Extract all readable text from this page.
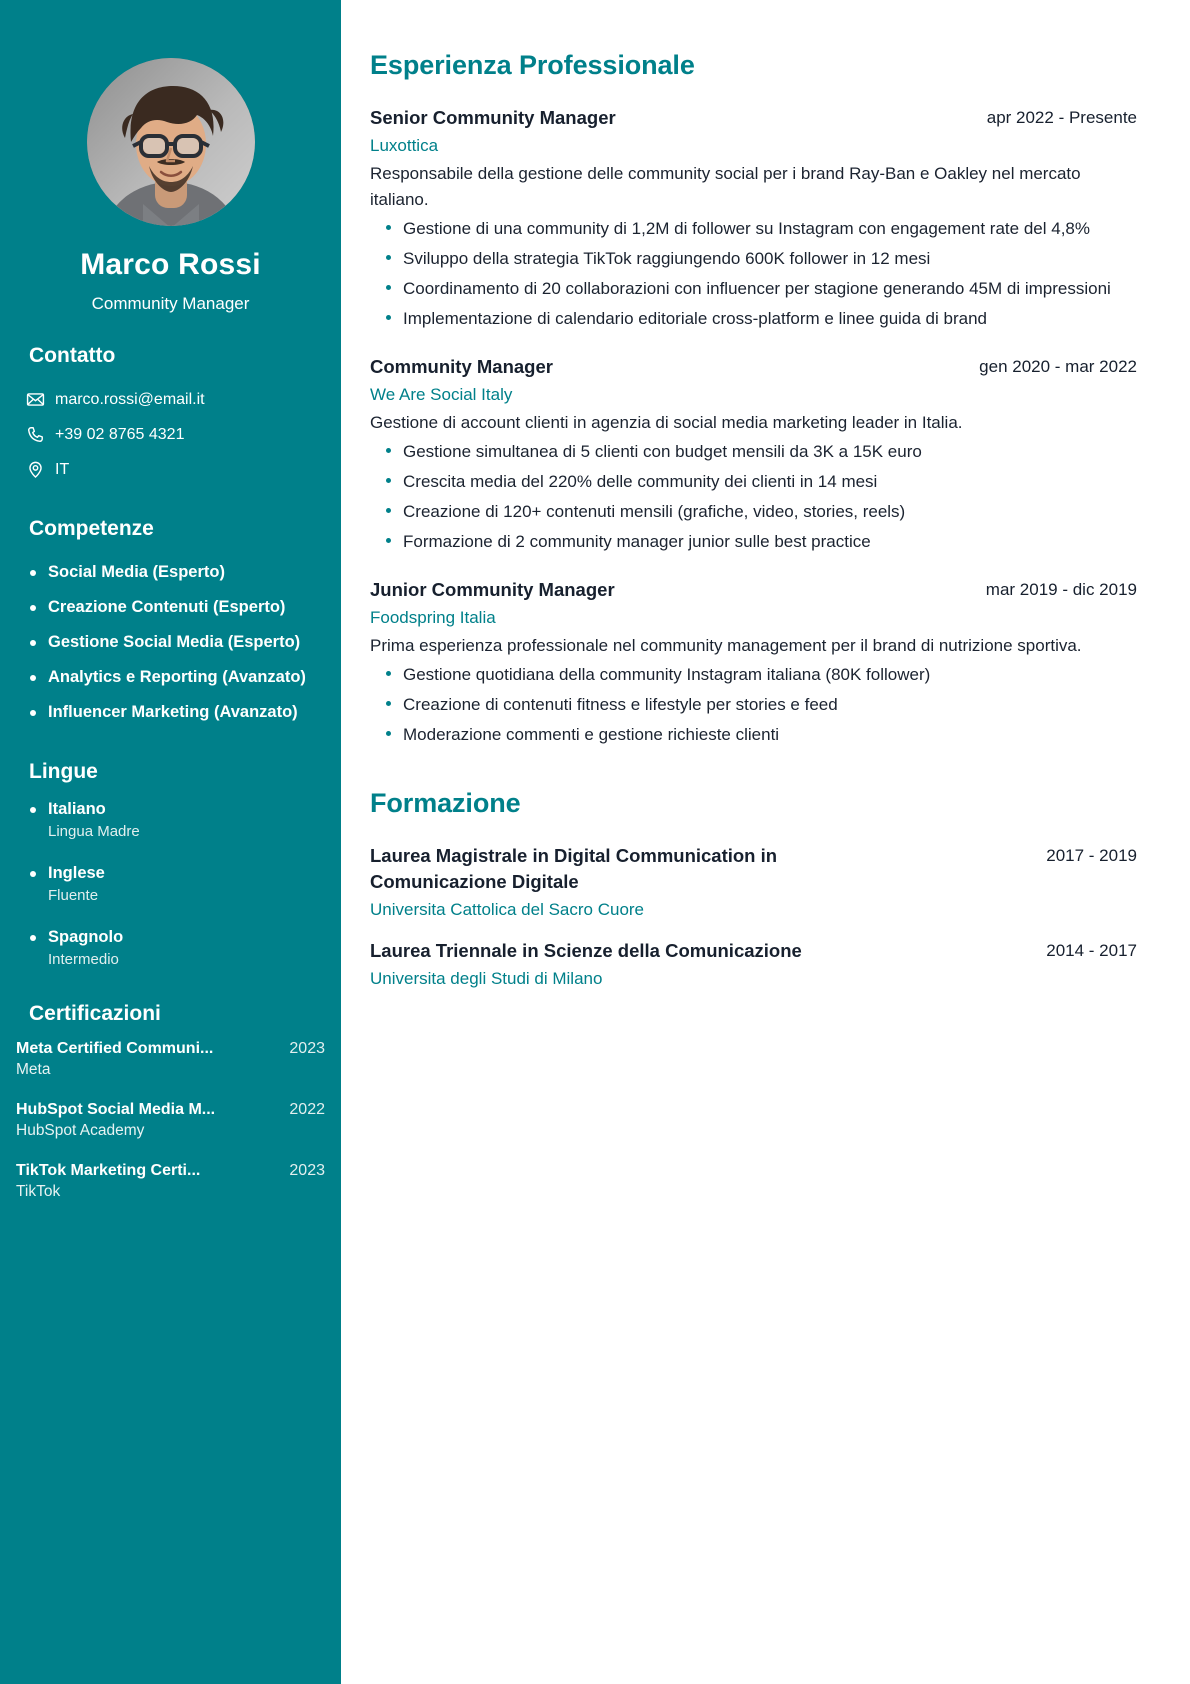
Marco Rossi
Community Manager
Contatto
marco.rossi@email.it
+39 02 8765 4321
IT
Competenze
Social Media (Esperto)
Creazione Contenuti (Esperto)
Gestione Social Media (Esperto)
Analytics e Reporting (Avanzato)
Influencer Marketing (Avanzato)
Lingue
Italiano
Lingua Madre
Inglese
Fluente
Spagnolo
Intermedio
Certificazioni
Meta Certified Communi...	2023
Meta
HubSpot Social Media M...	2022
HubSpot Academy
TikTok Marketing Certi...	2023
TikTok
Esperienza Professionale
Senior Community Manager	apr 2022 - Presente
Luxottica
Responsabile della gestione delle community social per i brand Ray-Ban e Oakley nel mercato italiano.
Gestione di una community di 1,2M di follower su Instagram con engagement rate del 4,8%
Sviluppo della strategia TikTok raggiungendo 600K follower in 12 mesi
Coordinamento di 20 collaborazioni con influencer per stagione generando 45M di impressioni
Implementazione di calendario editoriale cross-platform e linee guida di brand
Community Manager	gen 2020 - mar 2022
We Are Social Italy
Gestione di account clienti in agenzia di social media marketing leader in Italia.
Gestione simultanea di 5 clienti con budget mensili da 3K a 15K euro
Crescita media del 220% delle community dei clienti in 14 mesi
Creazione di 120+ contenuti mensili (grafiche, video, stories, reels)
Formazione di 2 community manager junior sulle best practice
Junior Community Manager	mar 2019 - dic 2019
Foodspring Italia
Prima esperienza professionale nel community management per il brand di nutrizione sportiva.
Gestione quotidiana della community Instagram italiana (80K follower)
Creazione di contenuti fitness e lifestyle per stories e feed
Moderazione commenti e gestione richieste clienti
Formazione
Laurea Magistrale in Digital Communication in Comunicazione Digitale
2017 - 2019
Universita Cattolica del Sacro Cuore
Laurea Triennale in Scienze della Comunicazione	2014 - 2017
Universita degli Studi di Milano
